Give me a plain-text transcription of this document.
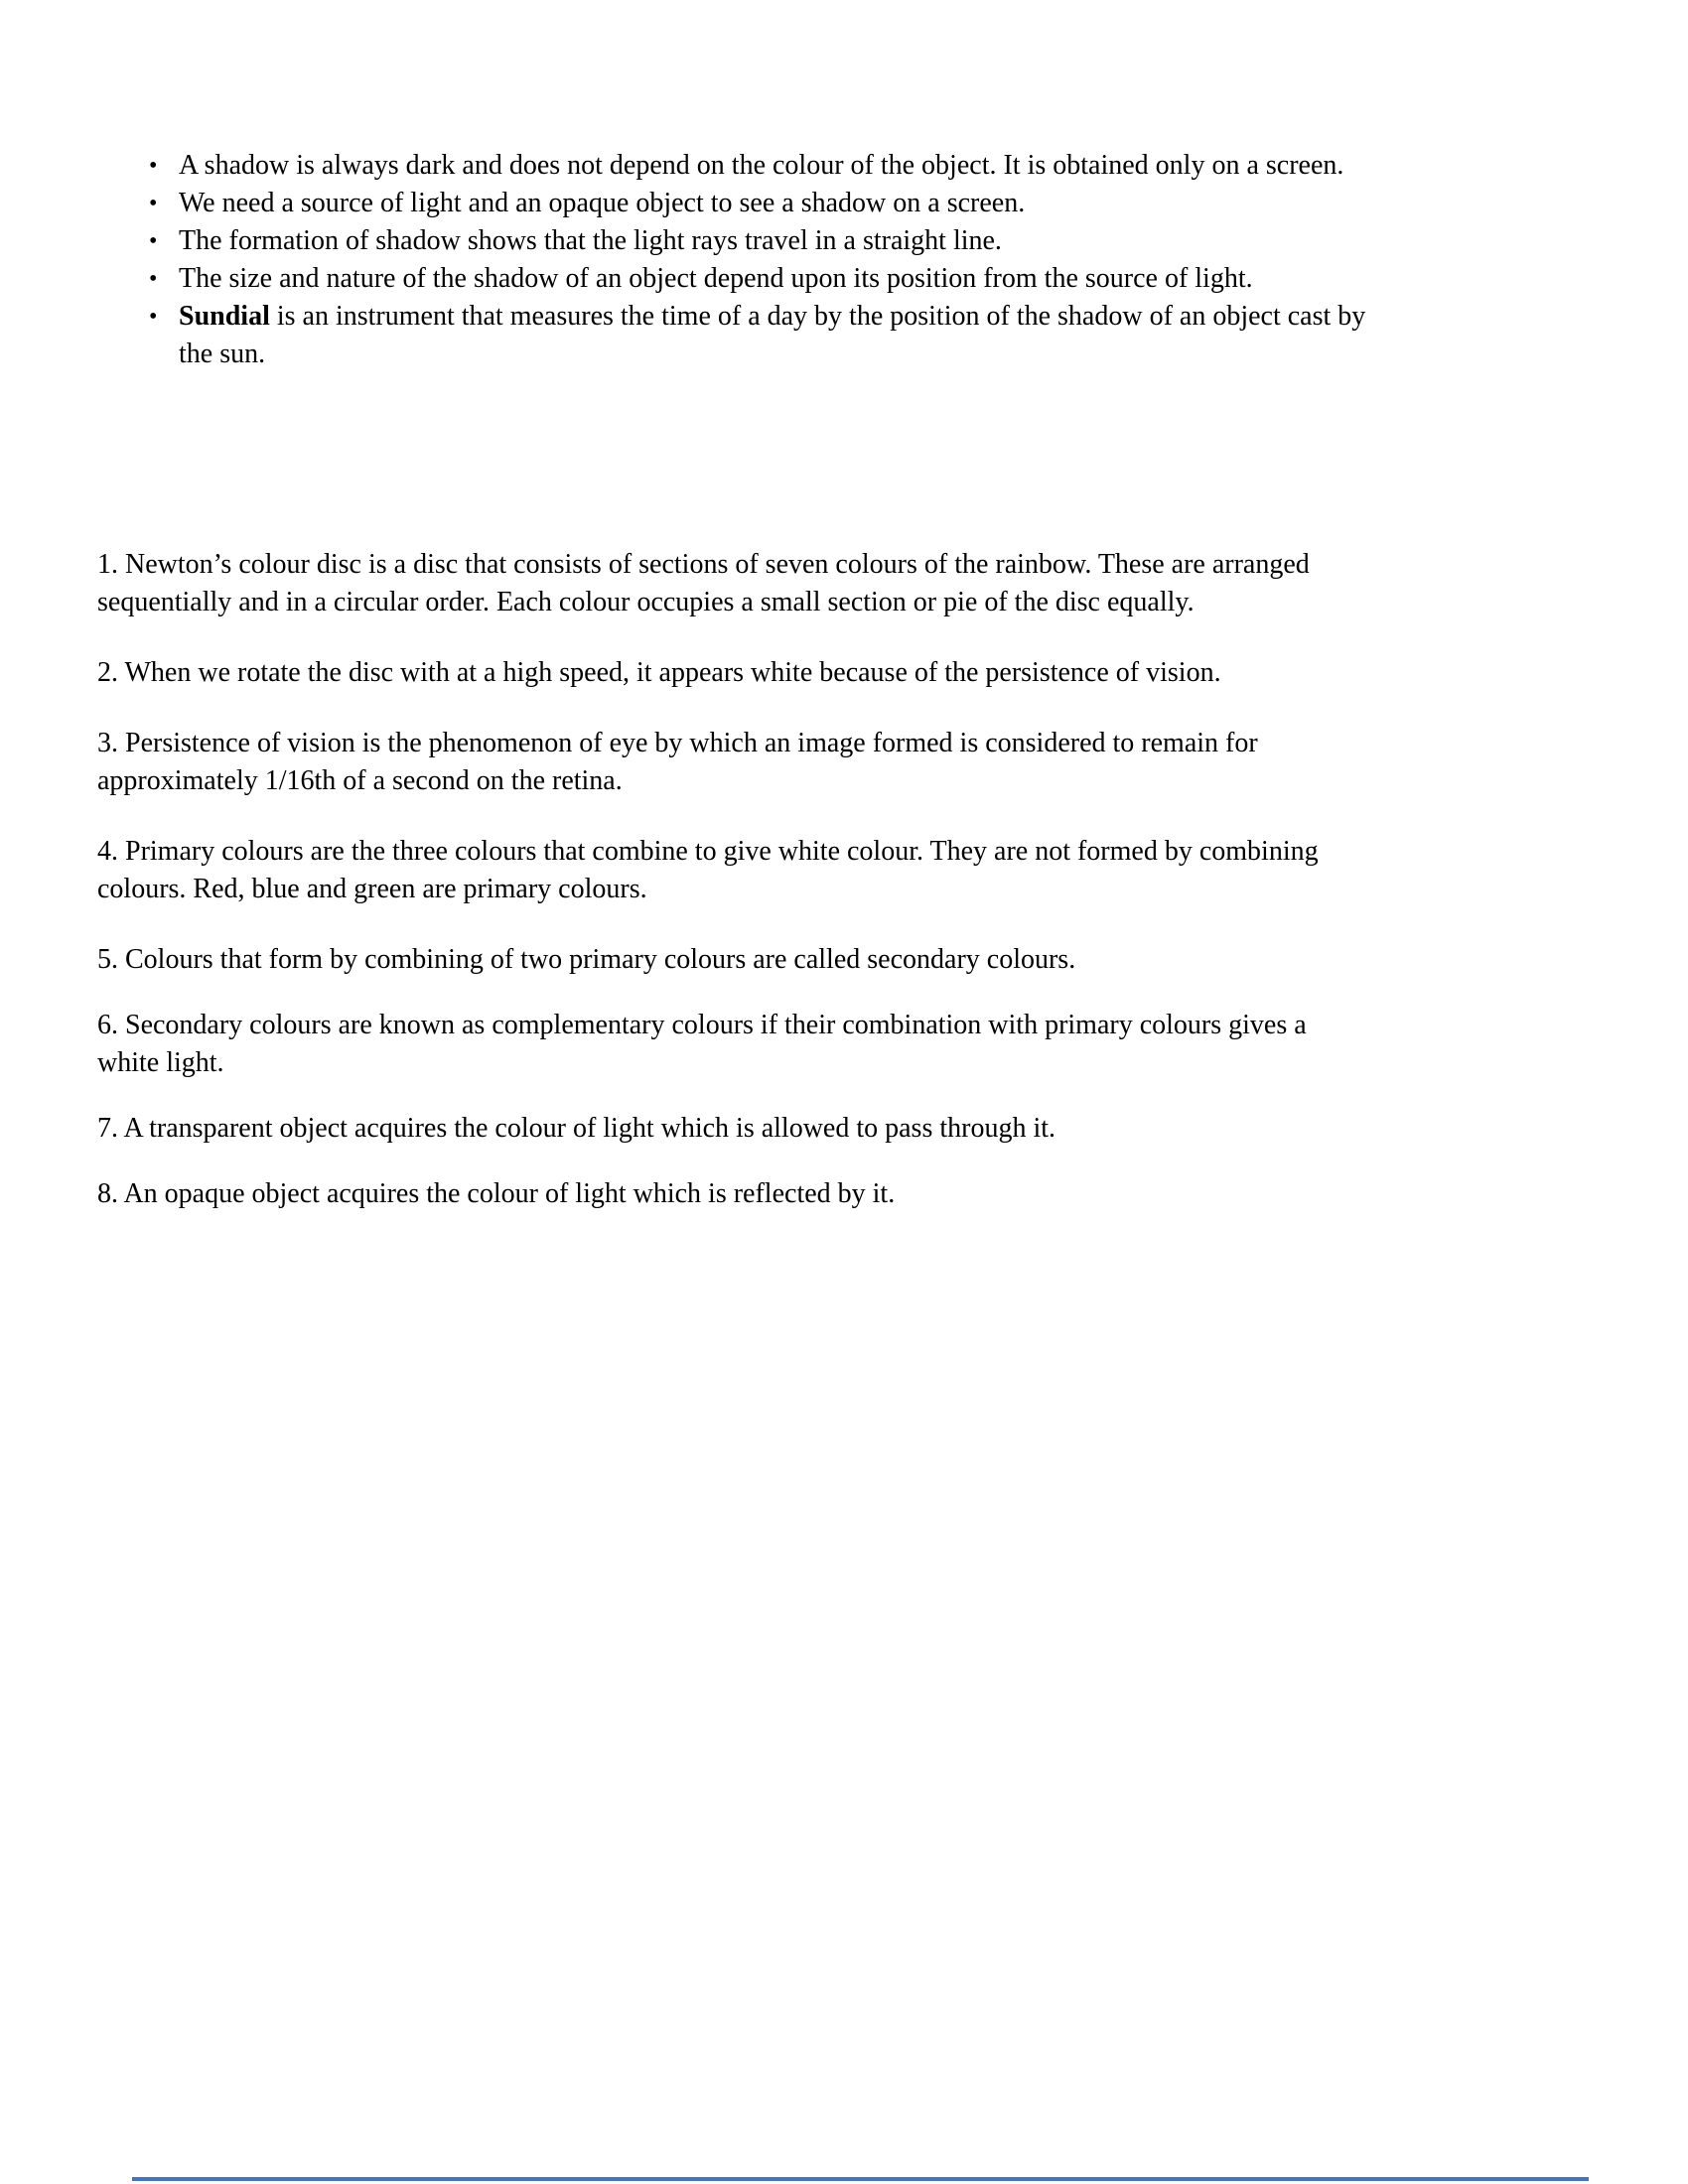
• A shadow is always dark and does not depend on the colour of the object. It is obtained only on a screen.
• We need a source of light and an opaque object to see a shadow on a screen.
• The formation of shadow shows that the light rays travel in a straight line.
• The size and nature of the shadow of an object depend upon its position from the source of light.
• Sundial is an instrument that measures the time of a day by the position of the shadow of an object cast by
the sun.

1. Newton’s colour disc is a disc that consists of sections of seven colours of the rainbow. These are arranged
sequentially and in a circular order. Each colour occupies a small section or pie of the disc equally.

2. When we rotate the disc with at a high speed, it appears white because of the persistence of vision.

3. Persistence of vision is the phenomenon of eye by which an image formed is considered to remain for
approximately 1/16th of a second on the retina.

4. Primary colours are the three colours that combine to give white colour. They are not formed by combining
colours. Red, blue and green are primary colours.

5. Colours that form by combining of two primary colours are called secondary colours.

6. Secondary colours are known as complementary colours if their combination with primary colours gives a
white light.

7. A transparent object acquires the colour of light which is allowed to pass through it.

8. An opaque object acquires the colour of light which is reflected by it.
